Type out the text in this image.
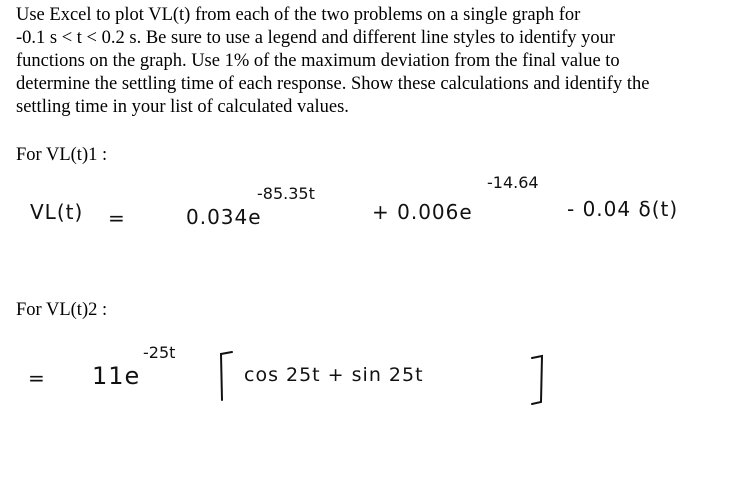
Use Excel to plot VL(t) from each of the two problems on a single graph for
-0.1 s < t < 0.2 s. Be sure to use a legend and different line styles to identify your
functions on the graph. Use 1% of the maximum deviation from the final value to
determine the settling time of each response. Show these calculations and identify the
settling time in your list of calculated values.
For VL(t)1 :
VL(t) =	0.034e
-85.35t
+ 0.006e
-14.64
- 0.04 δ(t)
For VL(t)2 :
= 11e
-25t
cos 25t + sin 25t
